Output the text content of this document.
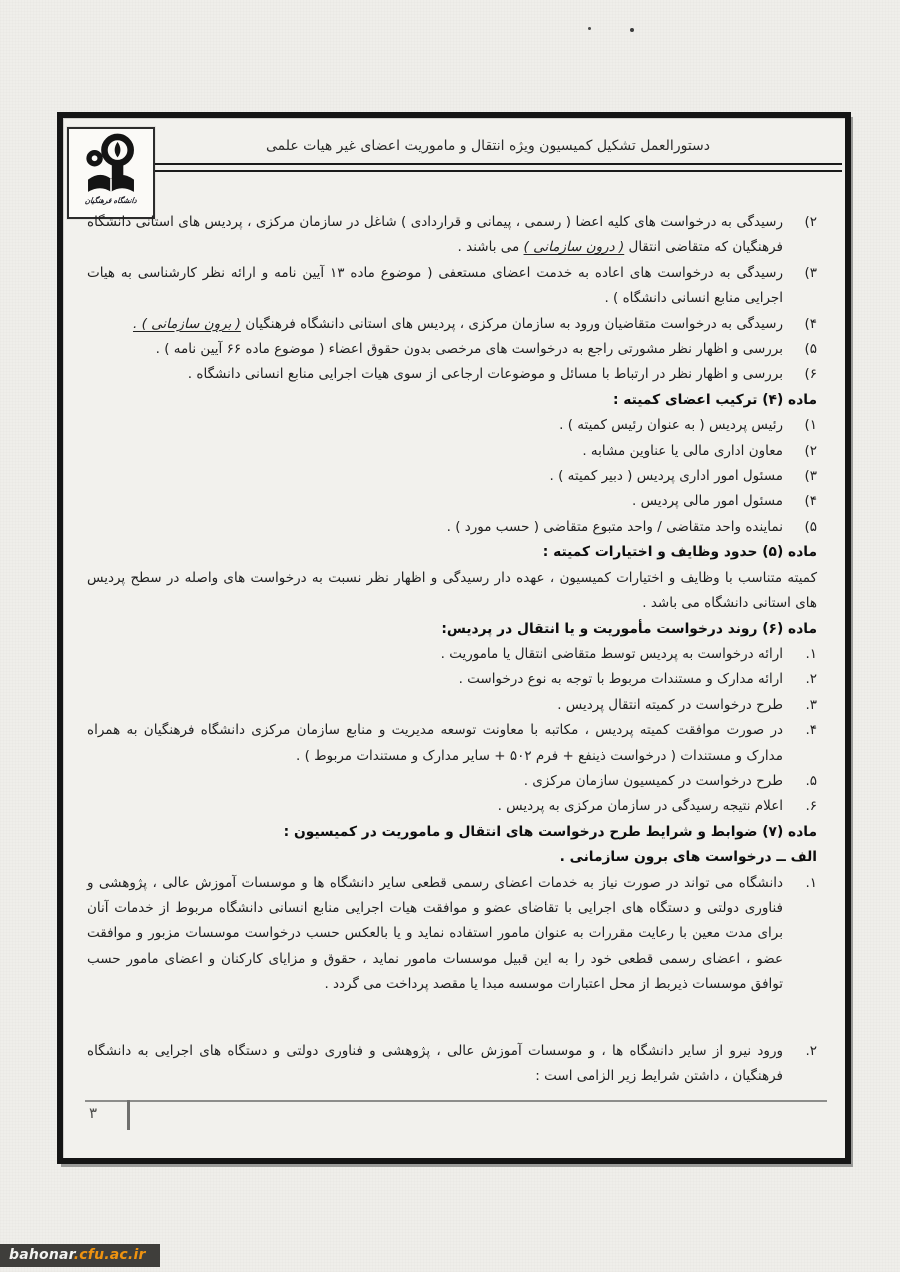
دانشگاه فرهنگیان
دستورالعمل تشکیل کمیسیون ویژه انتقال و ماموریت اعضای غیر هیات علمی

۲)
رسیدگی به درخواست های کلیه اعضا ( رسمی ، پیمانی و قراردادی ) شاغل در سازمان مرکزی ، پردیس های استانی دانشگاه فرهنگیان که متقاضی انتقال ( درون سازمانی ) می باشند .

۳)
رسیدگی به درخواست های اعاده به خدمت اعضای مستعفی ( موضوع ماده ۱۳ آیین نامه و ارائه نظر کارشناسی به هیات اجرایی منابع انسانی دانشگاه ) .

۴)
رسیدگی به درخواست متقاضیان ورود به سازمان مرکزی ، پردیس های استانی دانشگاه فرهنگیان ( برون سازمانی ) .

۵)
بررسی و اظهار نظر مشورتی راجع به درخواست های مرخصی بدون حقوق اعضاء ( موضوع ماده ۶۶ آیین نامه ) .

۶)
بررسی و اظهار نظر در ارتباط با مسائل و موضوعات ارجاعی از سوی هیات اجرایی منابع انسانی دانشگاه .

ماده (۴) ترکیب اعضای کمیته :

۱)
رئیس پردیس ( به عنوان رئیس کمیته ) .

۲)
معاون اداری مالی یا عناوین مشابه .

۳)
مسئول امور اداری پردیس ( دبیر کمیته ) .

۴)
مسئول امور مالی پردیس .

۵)
نماینده واحد متقاضی / واحد متبوع متقاضی ( حسب مورد ) .

ماده (۵) حدود وظایف و اختیارات کمیته :

کمیته متناسب با وظایف و اختیارات کمیسیون ، عهده دار رسیدگی و اظهار نظر نسبت به درخواست های واصله در سطح پردیس های استانی دانشگاه می باشد .

ماده (۶) روند درخواست مأموریت و یا انتقال در پردیس:

۱.
ارائه درخواست به پردیس توسط متقاضی انتقال یا ماموریت .

۲.
ارائه مدارک و مستندات مربوط با توجه به نوع درخواست .

۳.
طرح درخواست در کمیته انتقال پردیس .

۴.
در صورت موافقت کمیته پردیس ، مکاتبه با معاونت توسعه مدیریت و منابع سازمان مرکزی دانشگاه فرهنگیان به همراه مدارک و مستندات ( درخواست ذینفع + فرم ۵۰۲ + سایر مدارک و مستندات مربوط ) .

۵.
طرح درخواست در کمیسیون سازمان مرکزی .

۶.
اعلام نتیجه رسیدگی در سازمان مرکزی به پردیس .

ماده (۷) ضوابط و شرایط طرح درخواست های انتقال و ماموریت در کمیسیون :

الف ــ درخواست های برون سازمانی .

۱.
دانشگاه می تواند در صورت نیاز به خدمات اعضای رسمی قطعی سایر دانشگاه ها و موسسات آموزش عالی ، پژوهشی و فناوری دولتی و دستگاه های اجرایی با تقاضای عضو و موافقت هیات اجرایی منابع انسانی دانشگاه مربوط از خدمات آنان برای مدت معین با رعایت مقررات به عنوان مامور استفاده نماید و یا بالعکس حسب درخواست موسسات مزبور و موافقت عضو ، اعضای رسمی قطعی خود را به این قبیل موسسات مامور نماید ، حقوق و مزایای کارکنان و اعضای مامور حسب توافق موسسات ذیربط از محل اعتبارات موسسه مبدا یا مقصد پرداخت می گردد .

۲.
ورود نیرو از سایر دانشگاه ها ، و موسسات آموزش عالی ، پژوهشی و فناوری دولتی و دستگاه های اجرایی به دانشگاه فرهنگیان ، داشتن شرایط زیر الزامی است :

۳
bahonar.cfu.ac.ir
